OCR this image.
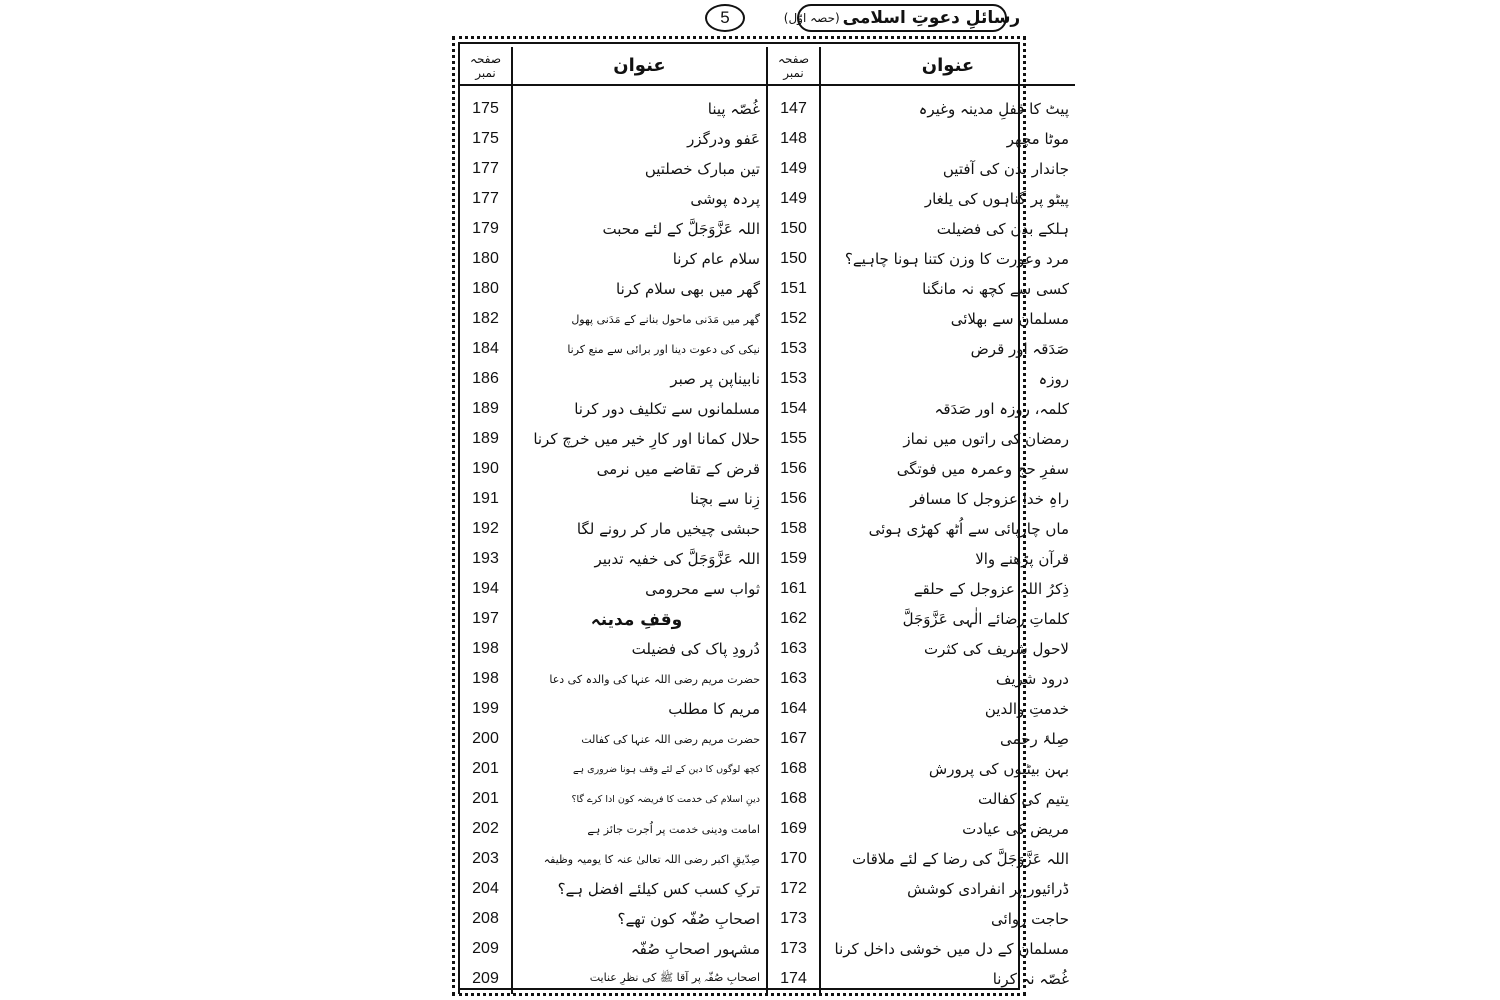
رسائلِ دعوتِ اسلامی
(حصہ اوّل)
5
صفحہ نمبر	عنوان	صفحہ نمبر	عنوان

175	غُصّہ پینا	147	پیٹ کا قفلِ مدینہ وغیرہ
175	عَفو ودرگزر	148	موٹا مچھر
177	تین مبارک خصلتیں	149	جاندار بدن کی آفتیں
177	پردہ پوشی	149	پیٹو پر گناہوں کی یلغار
179	اللہ عَزَّوَجَلَّ کے لئے محبت	150	ہلکے بدن کی فضیلت
180	سلام عام کرنا	150	مرد وعورت کا وزن کتنا ہونا چاہیے؟
180	گھر میں بھی سلام کرنا	151	کسی سے کچھ نہ مانگنا
182	گھر میں مَدَنی ماحول بنانے کے مَدَنی پھول	152	مسلمان سے بھلائی
184	نیکی کی دعوت دینا اور برائی سے منع کرنا	153	صَدَقہ اور قرض
186	نابیناپن پر صبر	153	روزہ
189	مسلمانوں سے تکلیف دور کرنا	154	کلمہ، روزہ اور صَدَقہ
189	حلال کمانا اور کارِ خیر میں خرچ کرنا	155	رمضان کی راتوں میں نماز
190	قرض کے تقاضے میں نرمی	156	سفرِ حج وعمرہ میں فوتگی
191	زِنا سے بچنا	156	راہِ خدا عزوجل کا مسافر
192	حبشی چیخیں مار کر رونے لگا	158	ماں چارپائی سے اُٹھ کھڑی ہوئی
193	اللہ عَزَّوَجَلَّ کی خفیہ تدبیر	159	قرآن پڑھنے والا
194	ثواب سے محرومی	161	ذِکرُ اللہ عزوجل کے حلقے
197	وقفِ مدینہ	162	کلماتِ رضائے الٰہی عَزَّوَجَلَّ
198	دُرودِ پاک کی فضیلت	163	لاحول شریف کی کثرت
198	حضرت مریم رضی اللہ عنہا کی والدہ کی دعا	163	درود شریف
199	مریم کا مطلب	164	خدمتِ والدین
200	حضرت مریم رضی اللہ عنہا کی کفالت	167	صِلۂ رحمی
201	کچھ لوگوں کا دین کے لئے وقف ہونا ضروری ہے	168	بہن بیٹیوں کی پرورش
201	دینِ اسلام کی خدمت کا فریضہ کون ادا کرے گا؟	168	یتیم کی کفالت
202	امامت ودینی خدمت پر اُجرت جائز ہے	169	مریض کی عیادت
203	صِدّیقِ اکبر رضی اللہ تعالیٰ عنہ کا یومیہ وظیفہ	170	اللہ عَزَّوَجَلَّ کی رضا کے لئے ملاقات
204	ترکِ کسب کس کیلئے افضل ہے؟	172	ڈرائیور پر انفرادی کوشش
208	اصحابِ صُفّہ کون تھے؟	173	حاجت روائی
209	مشہور اصحابِ صُفّہ	173	مسلمان کے دل میں خوشی داخل کرنا
209	اصحابِ صُفّہ پر آقا ﷺ کی نظرِ عنایت	174	غُصّہ نہ کرنا
